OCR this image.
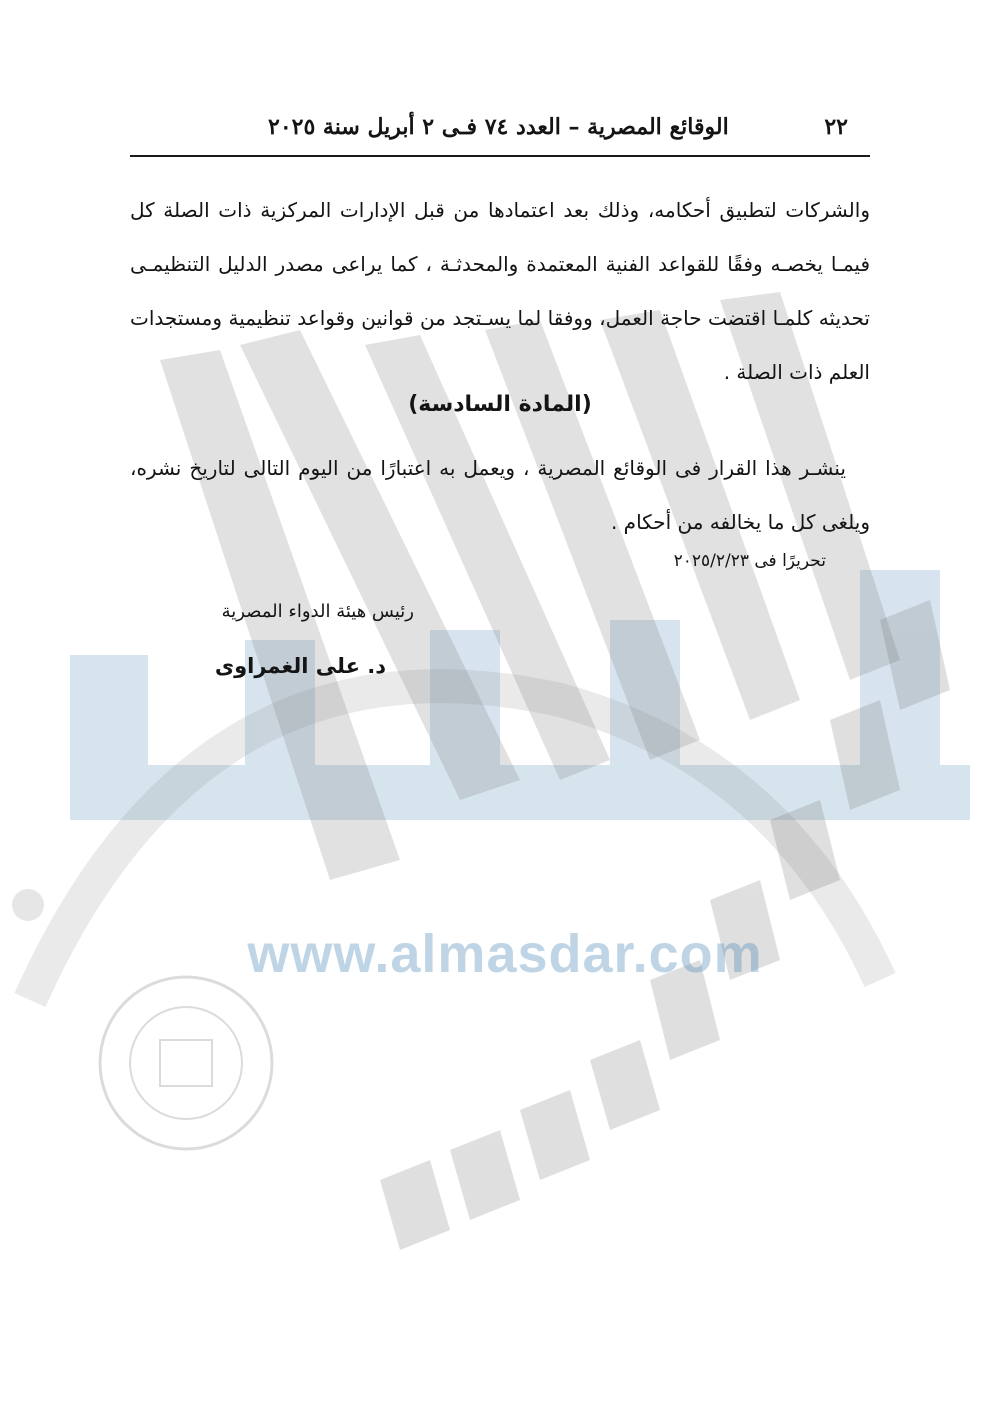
www.almasdar.com
٢٢
الوقائع المصرية – العدد ٧٤ فـى ٢ أبريل سنة ٢٠٢٥
والشركات لتطبيق أحكامه، وذلك بعد اعتمادها من قبل الإدارات المركزية ذات الصلة كل فيمـا يخصـه وفقًا للقواعد الفنية المعتمدة والمحدثـة ، كما يراعى مصدر الدليل التنظيمـى تحديثه كلمـا اقتضت حاجة العمل، ووفقا لما يسـتجد من قوانين وقواعد تنظيمية ومستجدات العلم ذات الصلة .
(المادة السادسة)
ينشـر هذا القرار فى الوقائع المصرية ، ويعمل به اعتبارًا من اليوم التالى لتاريخ نشره، ويلغى كل ما يخالفه من أحكام .
تحريرًا فى ٢٠٢٥/٢/٢٣
رئيس هيئة الدواء المصرية
د. على الغمراوى
